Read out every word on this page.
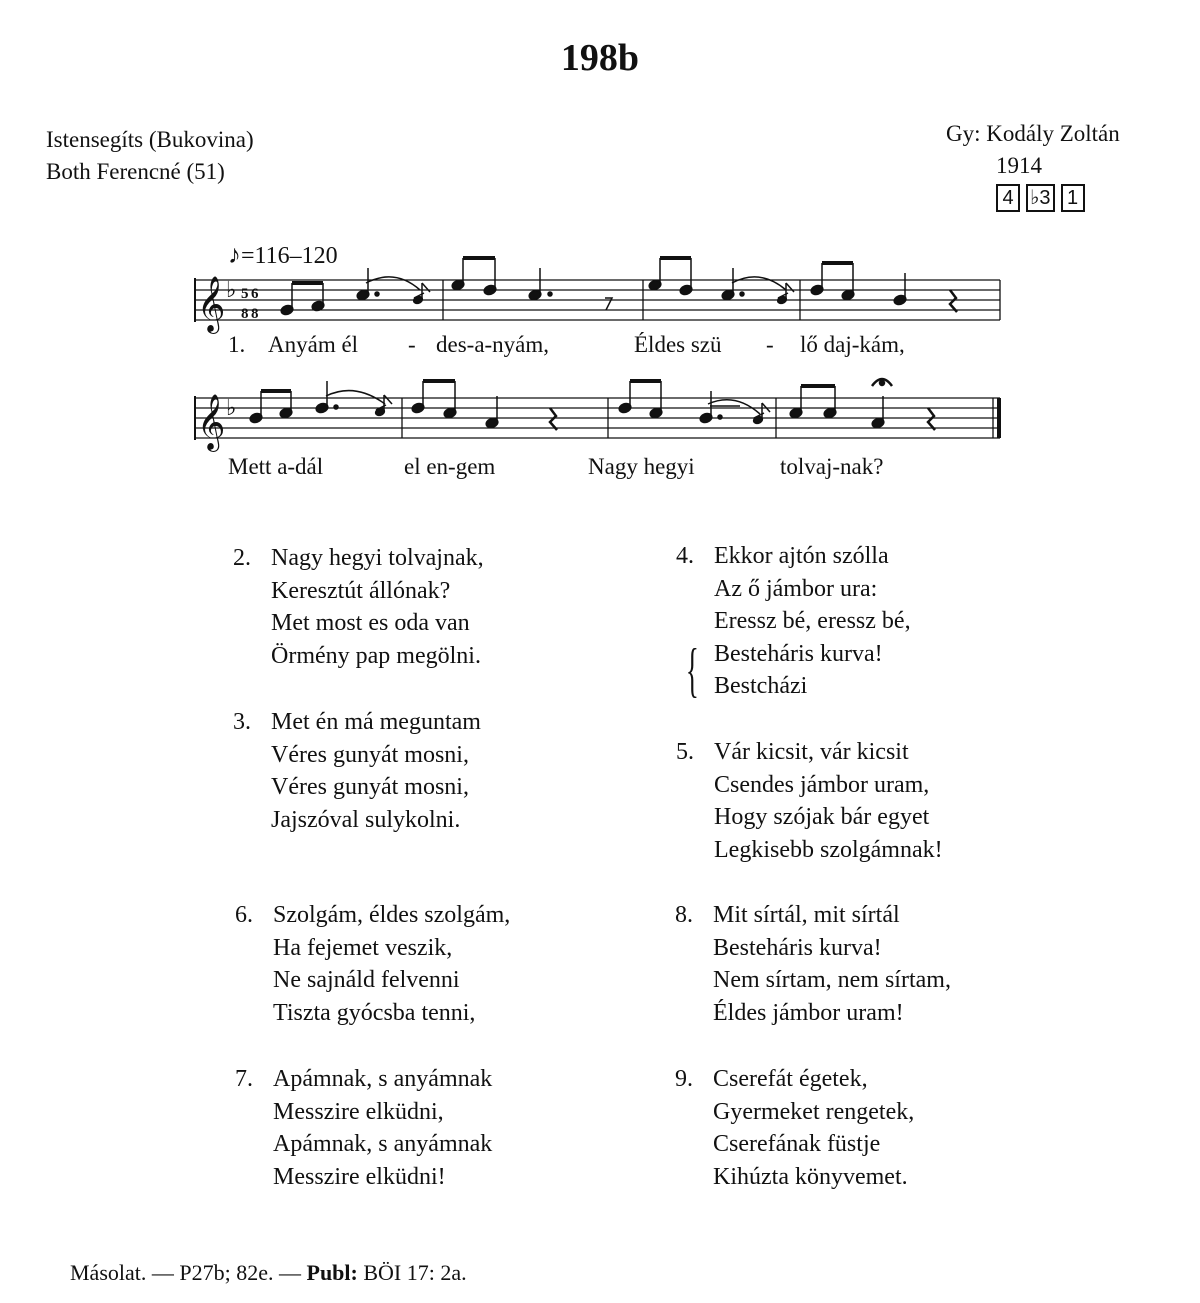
198b
Istensegíts (Bukovina)
Both Ferencné (51)
Gy: Kodály Zoltán
1914
4 ♭3 1
♪=116–120
𝄞 ♭ 5 6
8 8
𝄞 ♭
1. Anyám él - des-a-nyám,	Éldes szü - lő daj-kám,
Mett a-dál	el en-gem	Nagy hegyi	tolvaj-nak?
2. Nagy hegyi tolvajnak,
Keresztút állónak?
Met most es oda van
Örmény pap megölni.
3. Met én má meguntam
Véres gunyát mosni,
Véres gunyát mosni,
Jajszóval sulykolni.
6. Szolgám, éldes szolgám,
Ha fejemet veszik,
Ne sajnáld felvenni
Tiszta gyócsba tenni,
7. Apámnak, s anyámnak
Messzire elküdni,
Apámnak, s anyámnak
Messzire elküdni!
4. Ekkor ajtón szólla
Az ő jámbor ura:
Eressz bé, eressz bé,
Besteháris kurva!
Bestcházi
{
5. Vár kicsit, vár kicsit
Csendes jámbor uram,
Hogy szójak bár egyet
Legkisebb szolgámnak!
8. Mit sírtál, mit sírtál
Besteháris kurva!
Nem sírtam, nem sírtam,
Éldes jámbor uram!
9. Cserefát égetek,
Gyermeket rengetek,
Cserefának füstje
Kihúzta könyvemet.
Másolat. — P27b; 82e. — Publ: BÖI 17: 2a.
